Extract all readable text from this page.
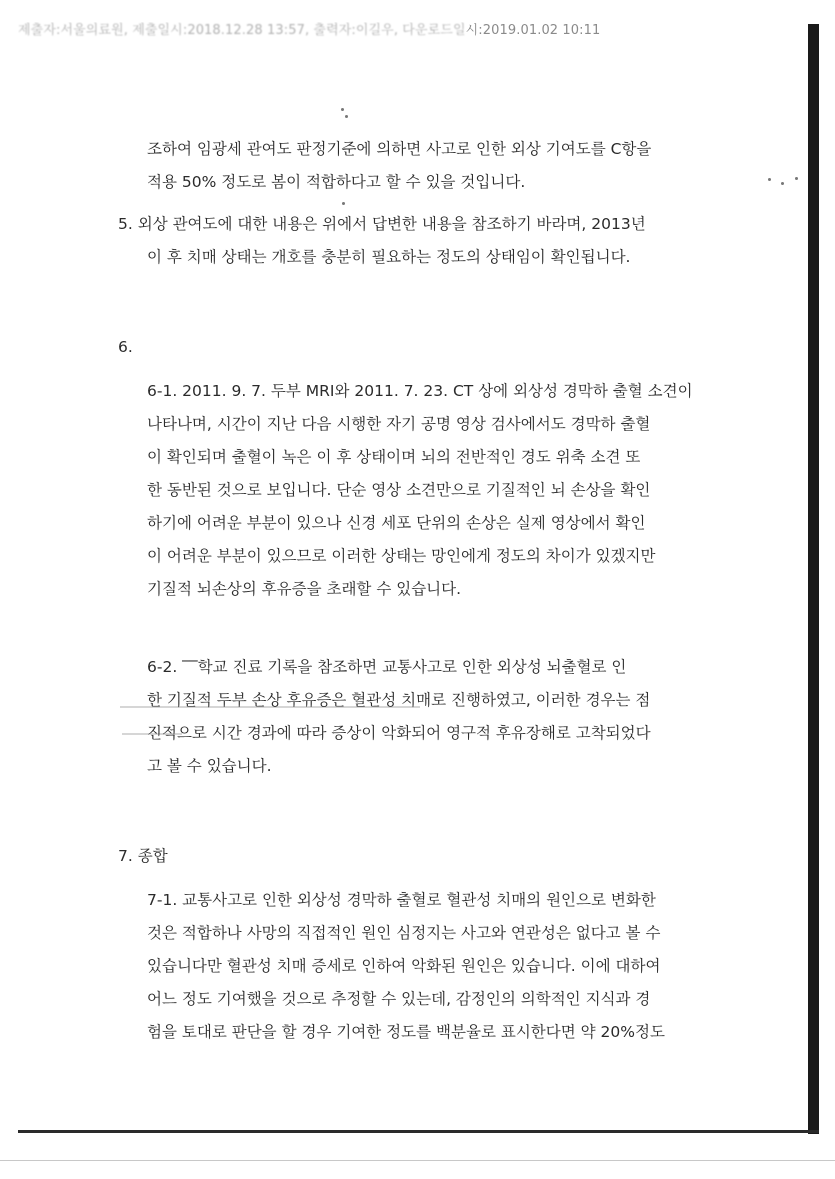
제출자:서울의료원, 제출일시:2018.12.28 13:57, 출력자:이길우, 다운로드일시:2019.01.02 10:11
조하여 임광세 관여도 판정기준에 의하면 사고로 인한 외상 기여도를 C항을
적용 50% 정도로 봄이 적합하다고 할 수 있을 것입니다.
5. 외상 관여도에 대한 내용은 위에서 답변한 내용을 참조하기 바라며, 2013년
이 후 치매 상태는 개호를 충분히 필요하는 정도의 상태임이 확인됩니다.
6.
6-1. 2011. 9. 7. 두부 MRI와 2011. 7. 23. CT 상에 외상성 경막하 출혈 소견이
나타나며, 시간이 지난 다음 시행한 자기 공명 영상 검사에서도 경막하 출혈
이 확인되며 출혈이 녹은 이 후 상태이며 뇌의 전반적인 경도 위축 소견 또
한 동반된 것으로 보입니다. 단순 영상 소견만으로 기질적인 뇌 손상을 확인
하기에 어려운 부분이 있으나 신경 세포 단위의 손상은 실제 영상에서 확인
이 어려운 부분이 있으므로 이러한 상태는 망인에게 정도의 차이가 있겠지만
기질적 뇌손상의 후유증을 초래할 수 있습니다.
6-2. ‾‾학교 진료 기록을 참조하면 교통사고로 인한 외상성 뇌출혈로 인
한 기질적 두부 손상 후유증은 혈관성 치매로 진행하였고, 이러한 경우는 점
진적으로 시간 경과에 따라 증상이 악화되어 영구적 후유장해로 고착되었다
고 볼 수 있습니다.
7. 종합
7-1. 교통사고로 인한 외상성 경막하 출혈로 혈관성 치매의 원인으로 변화한
것은 적합하나 사망의 직접적인 원인 심정지는 사고와 연관성은 없다고 볼 수
있습니다만 혈관성 치매 증세로 인하여 악화된 원인은 있습니다. 이에 대하여
어느 정도 기여했을 것으로 추정할 수 있는데, 감정인의 의학적인 지식과 경
험을 토대로 판단을 할 경우 기여한 정도를 백분율로 표시한다면 약 20%정도
